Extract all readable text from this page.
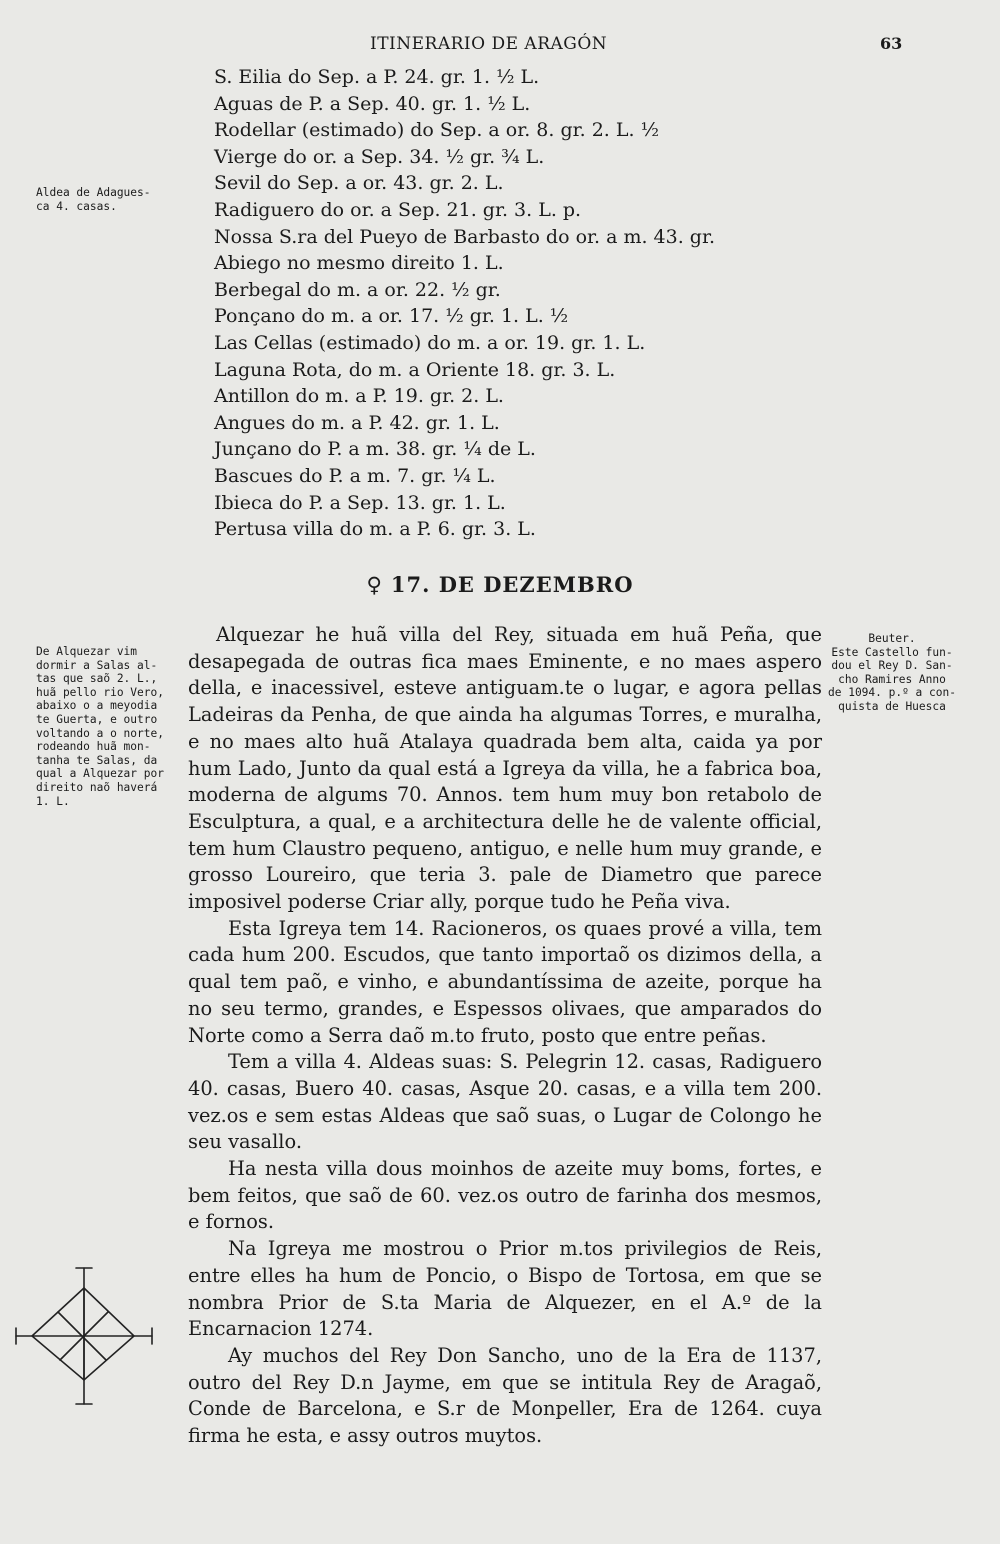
ITINERARIO DE ARAGÓN	63
S. Eilia do Sep. a P. 24. gr. 1. ½ L.
Aguas de P. a Sep. 40. gr. 1. ½ L.
Rodellar (estimado) do Sep. a or. 8. gr. 2. L. ½
Vierge do or. a Sep. 34. ½ gr. ¾ L.
Sevil do Sep. a or. 43. gr. 2. L.
Radiguero do or. a Sep. 21. gr. 3. L. p.
Nossa S.ra del Pueyo de Barbasto do or. a m. 43. gr.
Abiego no mesmo direito 1. L.
Berbegal do m. a or. 22. ½ gr.
Ponçano do m. a or. 17. ½ gr. 1. L. ½
Las Cellas (estimado) do m. a or. 19. gr. 1. L.
Laguna Rota, do m. a Oriente 18. gr. 3. L.
Antillon do m. a P. 19. gr. 2. L.
Angues do m. a P. 42. gr. 1. L.
Junçano do P. a m. 38. gr. ¼ de L.
Bascues do P. a m. 7. gr. ¼ L.
Ibieca do P. a Sep. 13. gr. 1. L.
Pertusa villa do m. a P. 6. gr. 3. L.
Aldea de Adagues-
ca 4. casas.
♀ 17. DE DEZEMBRO
De Alquezar vim
dormir a Salas al-
tas que saõ 2. L.,
huã pello rio Vero,
abaixo o a meyodia
te Guerta, e outro
voltando a o norte,
rodeando huã mon-
tanha te Salas, da
qual a Alquezar por
direito naõ haverá
1. L.
Beuter.
Este Castello fun-
dou el Rey D. San-
cho Ramires Anno
de 1094. p.º a con-
quista de Huesca

Alquezar he huã villa del Rey, situada em huã Peña, que desapegada de outras fica maes Eminente, e no maes aspero della, e inacessivel, esteve antiguam.te o lugar, e agora pellas Ladeiras da Penha, de que ainda ha algumas Torres, e muralha, e no maes alto huã Atalaya quadrada bem alta, caida ya por hum Lado, Junto da qual está a Igreya da villa, he a fabrica boa, moderna de algums 70. Annos. tem hum muy bon retabolo de Esculptura, a qual, e a architectura delle he de valente official, tem hum Claustro pequeno, antiguo, e nelle hum muy grande, e grosso Loureiro, que teria 3. pale de Diametro que parece imposivel poderse Criar ally, porque tudo he Peña viva.

Esta Igreya tem 14. Racioneros, os quaes prové a villa, tem cada hum 200. Escudos, que tanto importaõ os dizimos della, a qual tem paõ, e vinho, e abundantíssima de azeite, porque ha no seu termo, grandes, e Espessos olivaes, que amparados do Norte como a Serra daõ m.to fruto, posto que entre peñas.

Tem a villa 4. Aldeas suas: S. Pelegrin 12. casas, Radiguero 40. casas, Buero 40. casas, Asque 20. casas, e a villa tem 200. vez.os e sem estas Aldeas que saõ suas, o Lugar de Colongo he seu vasallo.

Ha nesta villa dous moinhos de azeite muy boms, fortes, e bem feitos, que saõ de 60. vez.os outro de farinha dos mesmos, e fornos.

Na Igreya me mostrou o Prior m.tos privilegios de Reis, entre elles ha hum de Poncio, o Bispo de Tortosa, em que se nombra Prior de S.ta Maria de Alquezer, en el A.º de la Encarnacion 1274.

Ay muchos del Rey Don Sancho, uno de la Era de 1137, outro del Rey D.n Jayme, em que se intitula Rey de Aragaõ, Conde de Barcelona, e S.r de Monpeller, Era de 1264. cuya firma he esta, e assy outros muytos.
